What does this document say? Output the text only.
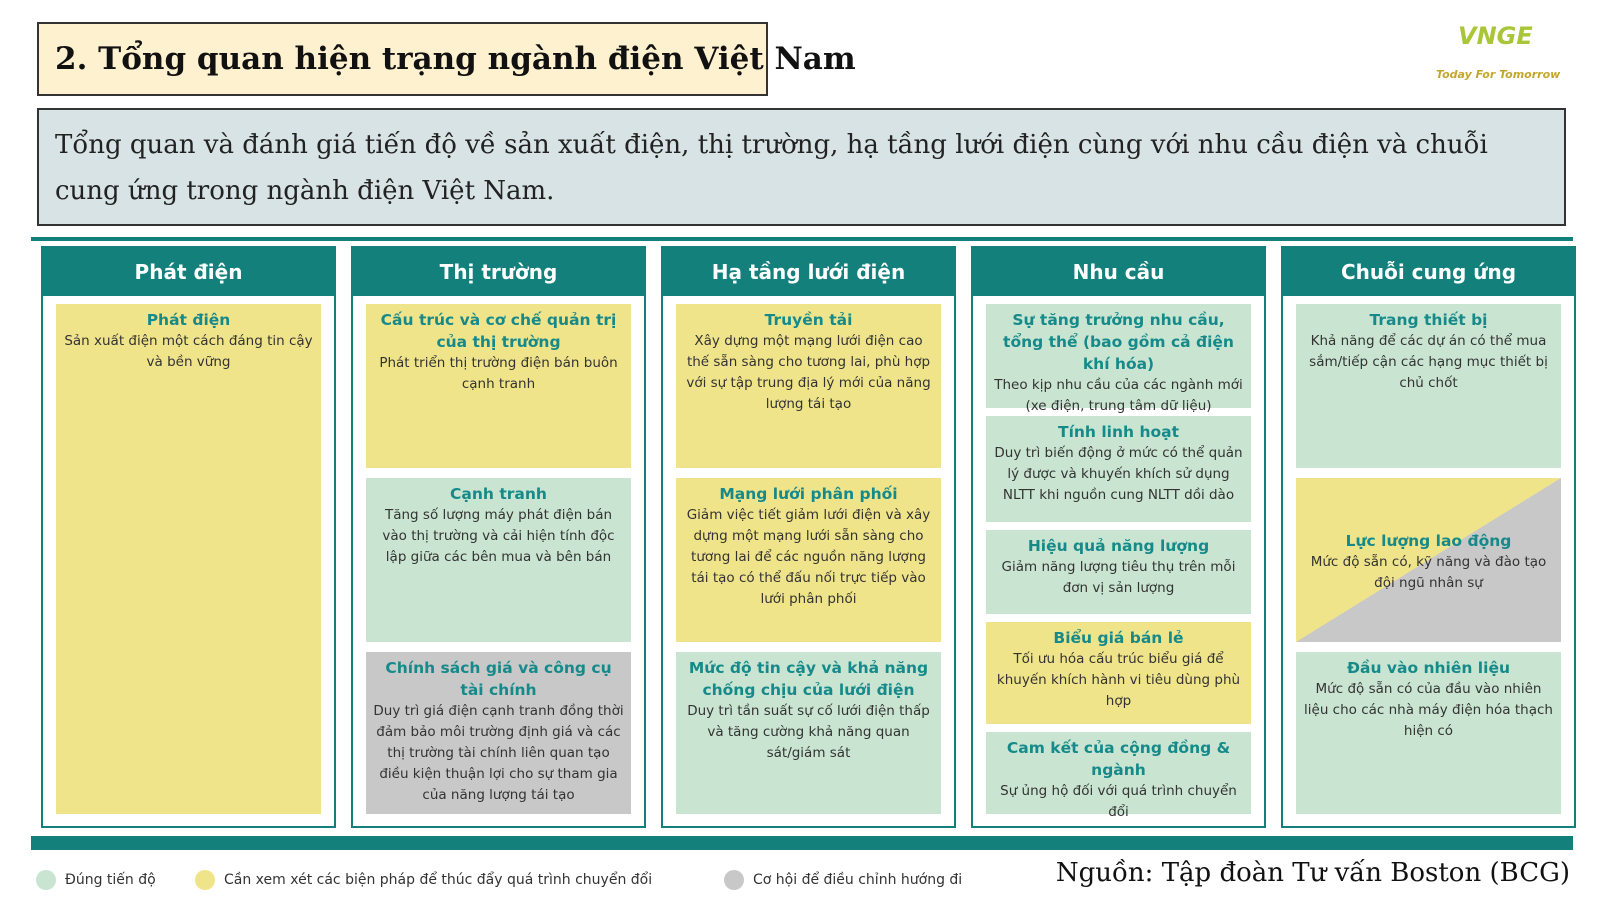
2. Tổng quan hiện trạng ngành điện Việt Nam
VNGE
Today For Tomorrow

Tổng quan và đánh giá tiến độ về sản xuất điện, thị trường, hạ tầng lưới điện cùng với nhu cầu điện và chuỗi cung ứng trong ngành điện Việt Nam.

Phát điện
Phát điện
Sản xuất điện một cách đáng tin cậy và bền vững
Thị trường
Cấu trúc và cơ chế quản trị của thị trường
Phát triển thị trường điện bán buôn cạnh tranh
Cạnh tranh
Tăng số lượng máy phát điện bán vào thị trường và cải hiện tính độc lập giữa các bên mua và bên bán
Chính sách giá và công cụ tài chính
Duy trì giá điện cạnh tranh đồng thời đảm bảo môi trường định giá và các thị trường tài chính liên quan tạo điều kiện thuận lợi cho sự tham gia của năng lượng tái tạo
Hạ tầng lưới điện
Truyền tải
Xây dựng một mạng lưới điện cao thế sẵn sàng cho tương lai, phù hợp với sự tập trung địa lý mới của năng lượng tái tạo
Mạng lưới phân phối
Giảm việc tiết giảm lưới điện và xây dựng một mạng lưới sẵn sàng cho tương lai để các nguồn năng lượng tái tạo có thể đấu nối trực tiếp vào lưới phân phối
Mức độ tin cậy và khả năng chống chịu của lưới điện
Duy trì tần suất sự cố lưới điện thấp và tăng cường khả năng quan sát/giám sát
Nhu cầu
Sự tăng trưởng nhu cầu, tổng thể (bao gồm cả điện khí hóa)
Theo kịp nhu cầu của các ngành mới (xe điện, trung tâm dữ liệu)
Tính linh hoạt
Duy trì biến động ở mức có thể quản lý được và khuyến khích sử dụng NLTT khi nguồn cung NLTT dồi dào
Hiệu quả năng lượng
Giảm năng lượng tiêu thụ trên mỗi đơn vị sản lượng
Biểu giá bán lẻ
Tối ưu hóa cấu trúc biểu giá để khuyến khích hành vi tiêu dùng phù hợp
Cam kết của cộng đồng & ngành
Sự ủng hộ đối với quá trình chuyển đổi
Chuỗi cung ứng
Trang thiết bị
Khả năng để các dự án có thể mua sắm/tiếp cận các hạng mục thiết bị chủ chốt
Lực lượng lao động
Mức độ sẵn có, kỹ năng và đào tạo đội ngũ nhân sự
Đầu vào nhiên liệu
Mức độ sẵn có của đầu vào nhiên liệu cho các nhà máy điện hóa thạch hiện có
Đúng tiến độ	Cần xem xét các biện pháp để thúc đẩy quá trình chuyển đổi	Cơ hội để điều chỉnh hướng đi	Nguồn: Tập đoàn Tư vấn Boston (BCG)
